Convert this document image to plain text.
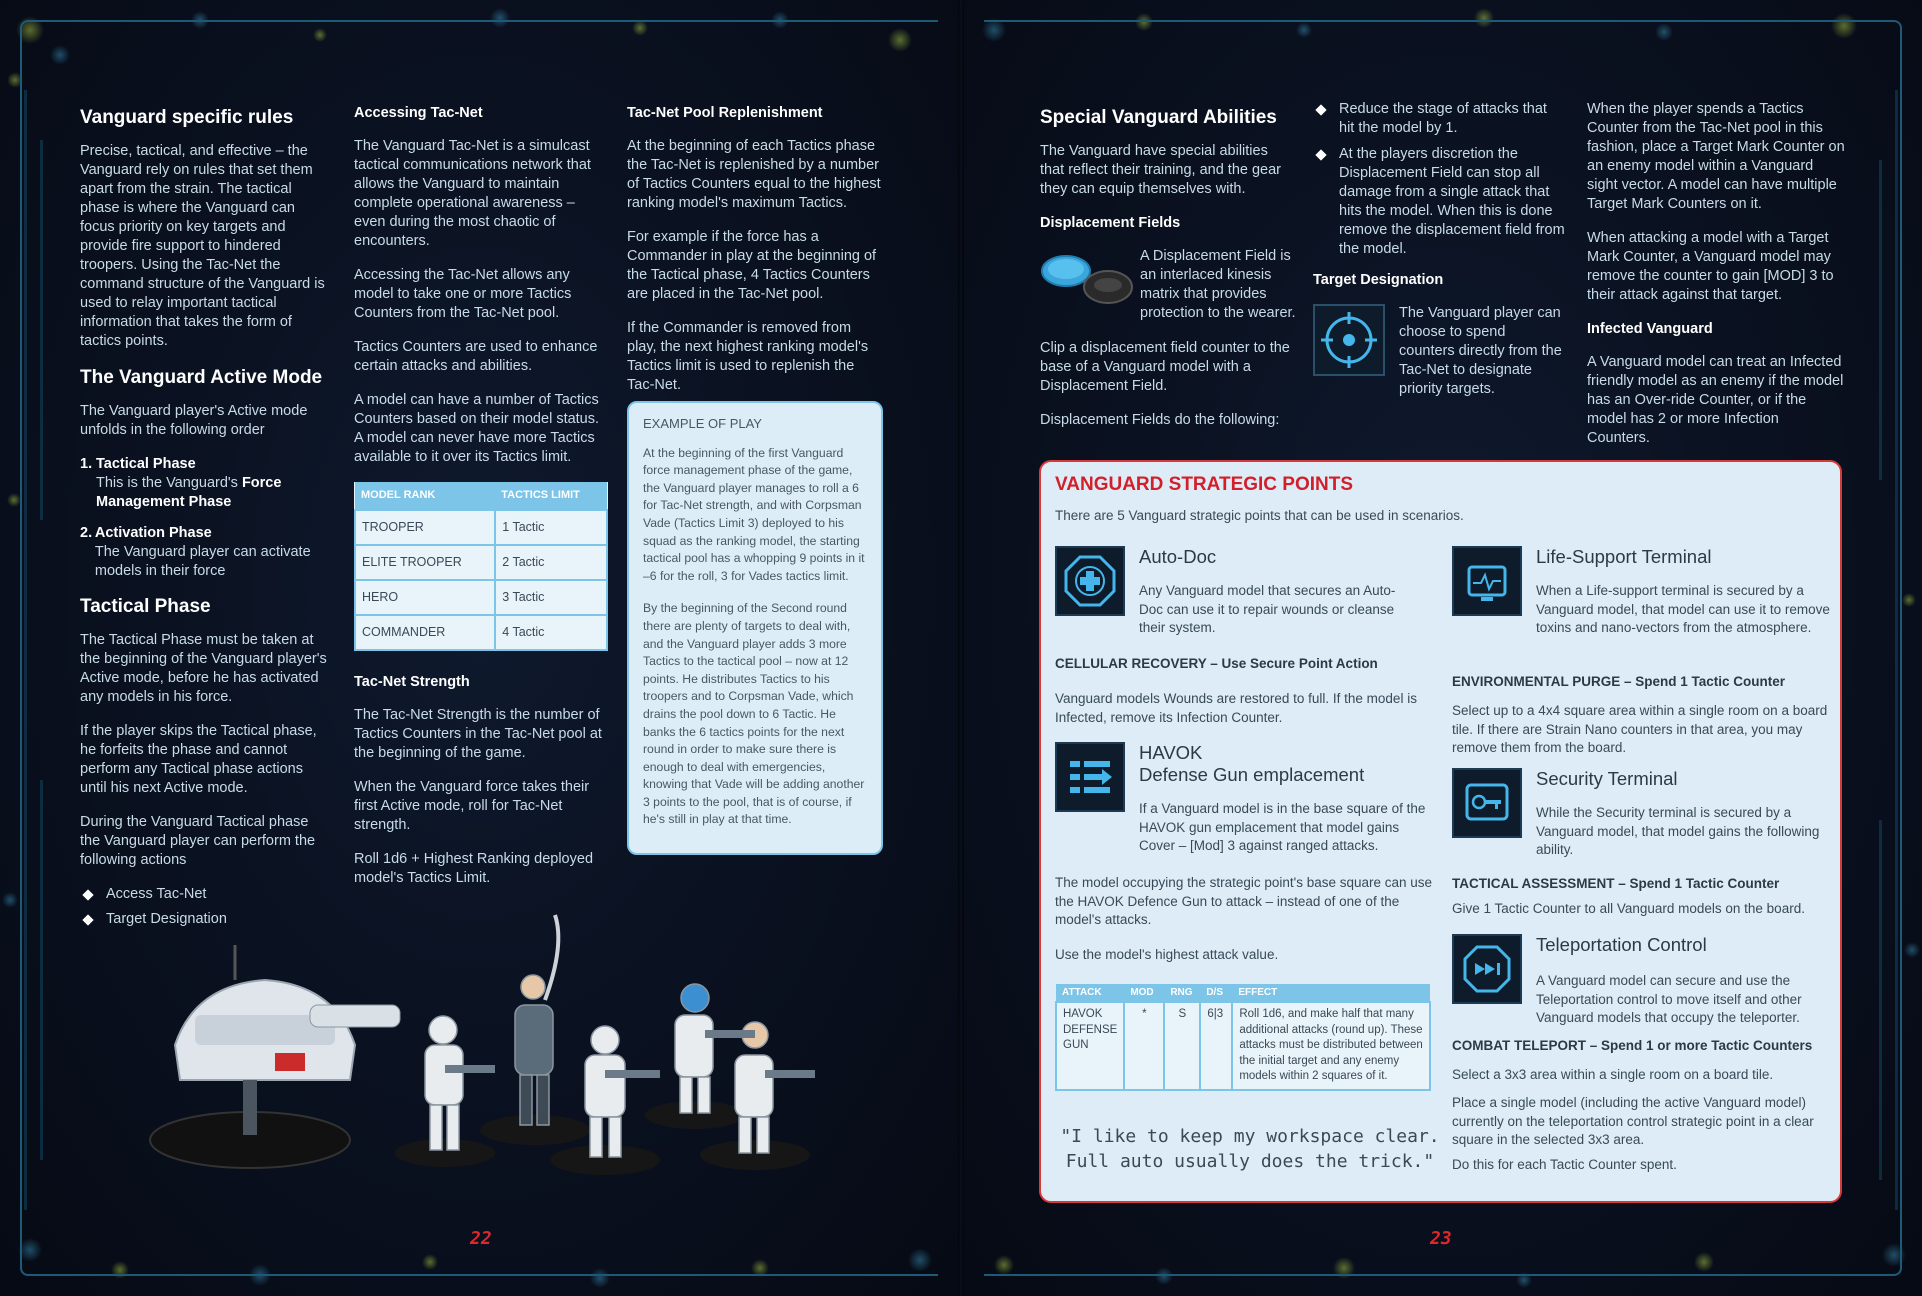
Vanguard specific rules

Precise, tactical, and effective – the Vanguard rely on rules that set them apart from the strain. The tactical phase is where the Vanguard can focus priority on key targets and provide fire support to hindered troopers. Using the Tac-Net the command structure of the Vanguard is used to relay important tactical information that takes the form of tactics points.

The Vanguard Active Mode

The Vanguard player's Active mode unfolds in the following order

1. Tactical Phase
This is the Vanguard's Force Management Phase
2. Activation Phase
The Vanguard player can activate models in their force
Tactical Phase

The Tactical Phase must be taken at the beginning of the Vanguard player's Active mode, before he has activated any models in his force.

If the player skips the Tactical phase, he forfeits the phase and cannot perform any Tactical phase actions until his next Active mode.

During the Vanguard Tactical phase the Vanguard player can perform the following actions

Access Tac-Net
Target Designation
Accessing Tac-Net

The Vanguard Tac-Net is a simulcast tactical communications network that allows the Vanguard to maintain complete operational awareness – even during the most chaotic of encounters.

Accessing the Tac-Net allows any model to take one or more Tactics Counters from the Tac-Net pool.

Tactics Counters are used to enhance certain attacks and abilities.

A model can have a number of Tactics Counters based on their model status. A model can never have more Tactics available to it over its Tactics limit.

MODEL RANK	TACTICS LIMIT
TROOPER	1 Tactic
ELITE TROOPER	2 Tactic
HERO	3 Tactic
COMMANDER	4 Tactic
Tac-Net Strength

The Tac-Net Strength is the number of Tactics Counters in the Tac-Net pool at the beginning of the game.

When the Vanguard force takes their first Active mode, roll for Tac-Net strength.

Roll 1d6 + Highest Ranking deployed model's Tactics Limit.

Tac-Net Pool Replenishment

At the beginning of each Tactics phase the Tac-Net is replenished by a number of Tactics Counters equal to the highest ranking model's maximum Tactics.

For example if the force has a Commander in play at the beginning of the Tactical phase, 4 Tactics Counters are placed in the Tac-Net pool.

If the Commander is removed from play, the next highest ranking model's Tactics limit is used to replenish the Tac-Net.

EXAMPLE OF PLAY

At the beginning of the first Vanguard force management phase of the game, the Vanguard player manages to roll a 6 for Tac-Net strength, and with Corpsman Vade (Tactics Limit 3) deployed to his squad as the ranking model, the starting tactical pool has a whopping 9 points in it –6 for the roll, 3 for Vades tactics limit.

By the beginning of the Second round there are plenty of targets to deal with, and the Vanguard player adds 3 more Tactics to the tactical pool – now at 12 points. He distributes Tactics to his troopers and to Corpsman Vade, which drains the pool down to 6 Tactic. He banks the 6 tactics points for the next round in order to make sure there is enough to deal with emergencies, knowing that Vade will be adding another 3 points to the pool, that is of course, if he's still in play at that time.

22
Special Vanguard Abilities

The Vanguard have special abilities that reflect their training, and the gear they can equip themselves with.

Displacement Fields
A Displacement Field is an interlaced kinesis matrix that provides protection to the wearer.

Clip a displacement field counter to the base of a Vanguard model with a Displacement Field.

Displacement Fields do the following:

Reduce the stage of attacks that hit the model by 1.
At the players discretion the Displacement Field can stop all damage from a single attack that hits the model. When this is done remove the displacement field from the model.
Target Designation
The Vanguard player can choose to spend counters directly from the Tac-Net to designate priority targets.

When the player spends a Tactics Counter from the Tac-Net pool in this fashion, place a Target Mark Counter on an enemy model within a Vanguard sight vector. A model can have multiple Target Mark Counters on it.

When attacking a model with a Target Mark Counter, a Vanguard model may remove the counter to gain [MOD] 3 to their attack against that target.

Infected Vanguard

A Vanguard model can treat an Infected friendly model as an enemy if the model has an Over-ride Counter, or if the model has 2 or more Infection Counters.

VANGUARD STRATEGIC POINTS
There are 5 Vanguard strategic points that can be used in scenarios.
Auto-Doc
Any Vanguard model that secures an Auto-Doc can use it to repair wounds or cleanse their system.
CELLULAR RECOVERY – Use Secure Point Action
Vanguard models Wounds are restored to full. If the model is Infected, remove its Infection Counter.
HAVOK
Defense Gun emplacement
If a Vanguard model is in the base square of the HAVOK gun emplacement that model gains Cover – [Mod] 3 against ranged attacks.
The model occupying the strategic point's base square can use the HAVOK Defence Gun to attack – instead of one of the model's attacks.
Use the model's highest attack value.
ATTACK	MOD	RNG	D/S	EFFECT
HAVOK DEFENSE GUN	*	S	6|3	Roll 1d6, and make half that many additional attacks (round up). These attacks must be distributed between the initial target and any enemy models within 2 squares of it.
Life-Support Terminal
When a Life-support terminal is secured by a Vanguard model, that model can use it to remove toxins and nano-vectors from the atmosphere.
ENVIRONMENTAL PURGE – Spend 1 Tactic Counter
Select up to a 4x4 square area within a single room on a board tile. If there are Strain Nano counters in that area, you may remove them from the board.
Security Terminal
While the Security terminal is secured by a Vanguard model, that model gains the following ability.
TACTICAL ASSESSMENT – Spend 1 Tactic Counter
Give 1 Tactic Counter to all Vanguard models on the board.
Teleportation Control
A Vanguard model can secure and use the Teleportation control to move itself and other Vanguard models that occupy the teleporter.
COMBAT TELEPORT – Spend 1 or more Tactic Counters
Select a 3x3 area within a single room on a board tile.
Place a single model (including the active Vanguard model) currently on the teleportation control strategic point in a clear square in the selected 3x3 area.
Do this for each Tactic Counter spent.
"I like to keep my workspace clear. Full auto usually does the trick."
23
